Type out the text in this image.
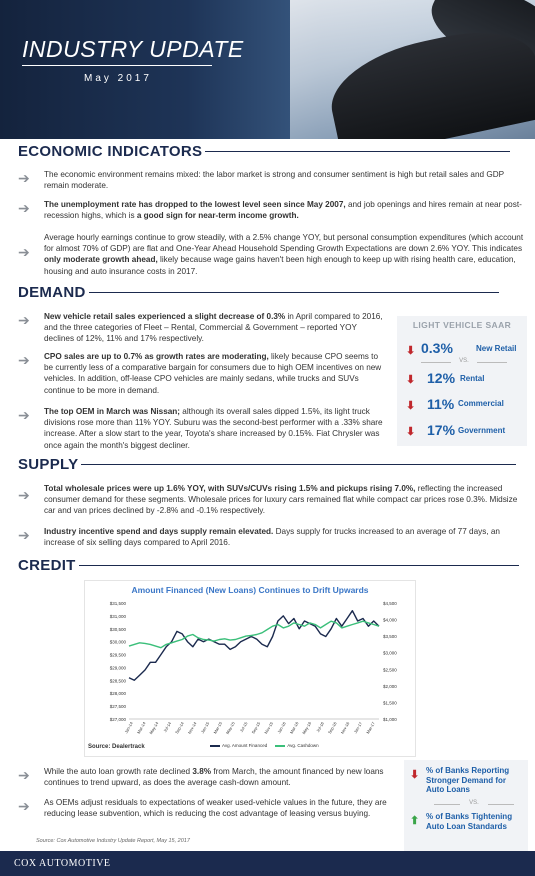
INDUSTRY UPDATE
May 2017
ECONOMIC INDICATORS
➔	The economic environment remains mixed: the labor market is strong and consumer sentiment is high but retail sales and GDP remain moderate.
➔	The unemployment rate has dropped to the lowest level seen since May 2007, and job openings and hires remain at near post-recession highs, which is a good sign for near-term income growth.
➔
Average hourly earnings continue to grow steadily, with a 2.5% change YOY, but personal consumption expenditures (which account for almost 70% of GDP) are flat and One-Year Ahead Household Spending Growth Expectations are down 2.6% YOY. This indicates only moderate growth ahead, likely because wage gains haven't been high enough to keep up with rising health care, education, housing and auto insurance costs in 2017.
DEMAND
➔	New vehicle retail sales experienced a slight decrease of 0.3% in April compared to 2016, and the three categories of Fleet – Rental, Commercial & Government – reported YOY declines of 12%, 11% and 17% respectively.
➔	CPO sales are up to 0.7% as growth rates are moderating, likely because CPO seems to be currently less of a comparative bargain for consumers due to high OEM incentives on new vehicles. In addition, off-lease CPO vehicles are mainly sedans, while trucks and SUVs continue to be more in demand.
➔	The top OEM in March was Nissan; although its overall sales dipped 1.5%, its light truck divisions rose more than 11% YOY. Suburu was the second-best performer with a .33% share increase. After a slow start to the year, Toyota's share increased by 0.15%. Fiat Chrysler was once again the month's biggest decliner.
LIGHT VEHICLE SAAR
⬇ 0.3%	New Retail
VS.
⬇ 12% Rental
⬇ 11% Commercial
⬇ 17% Government
SUPPLY
➔	Total wholesale prices were up 1.6% YOY, with SUVs/CUVs rising 1.5% and pickups rising 7.0%, reflecting the increased consumer demand for these segments. Wholesale prices for luxury cars remained flat while compact car prices rose 0.3%. Midsize car and van prices declined by -2.8% and -0.1% respectively.
➔	Industry incentive spend and days supply remain elevated. Days supply for trucks increased to an average of 77 days, an increase of six selling days compared to April 2016.
CREDIT
Amount Financed (New Loans) Continues to Drift Upwards
$27,000
$27,500
$28,000
$28,500
$29,000
$29,500
$30,000
$30,500
$31,000
$31,500
$1,000
$1,500
$2,000
$2,500
$3,000
$3,500
$4,000
$4,500
Jan-14 Mar-14 May-14 Jul-14 Sep-14 Nov-14 Jan-15 Mar-15 May-15 Jul-15 Sep-15 Nov-15 Jan-16 Mar-16 May-16 Jul-16 Sep-16 Nov-16 Jan-17 Mar-17
Source: Dealertrack	Avg. Amount Financed	Avg. Cashdown
➔	While the auto loan growth rate declined 3.8% from March, the amount financed by new loans continues to trend upward, as does the average cash-down amount.
➔	As OEMs adjust residuals to expectations of weaker used-vehicle values in the future, they are reducing lease subvention, which is reducing the cost advantage of leasing versus buying.
⬇ % of Banks Reporting Stronger Demand for Auto Loans
VS.
⬆ % of Banks Tightening Auto Loan Standards
Source: Cox Automotive Industry Update Report, May 15, 2017
COX AUTOMOTIVE
